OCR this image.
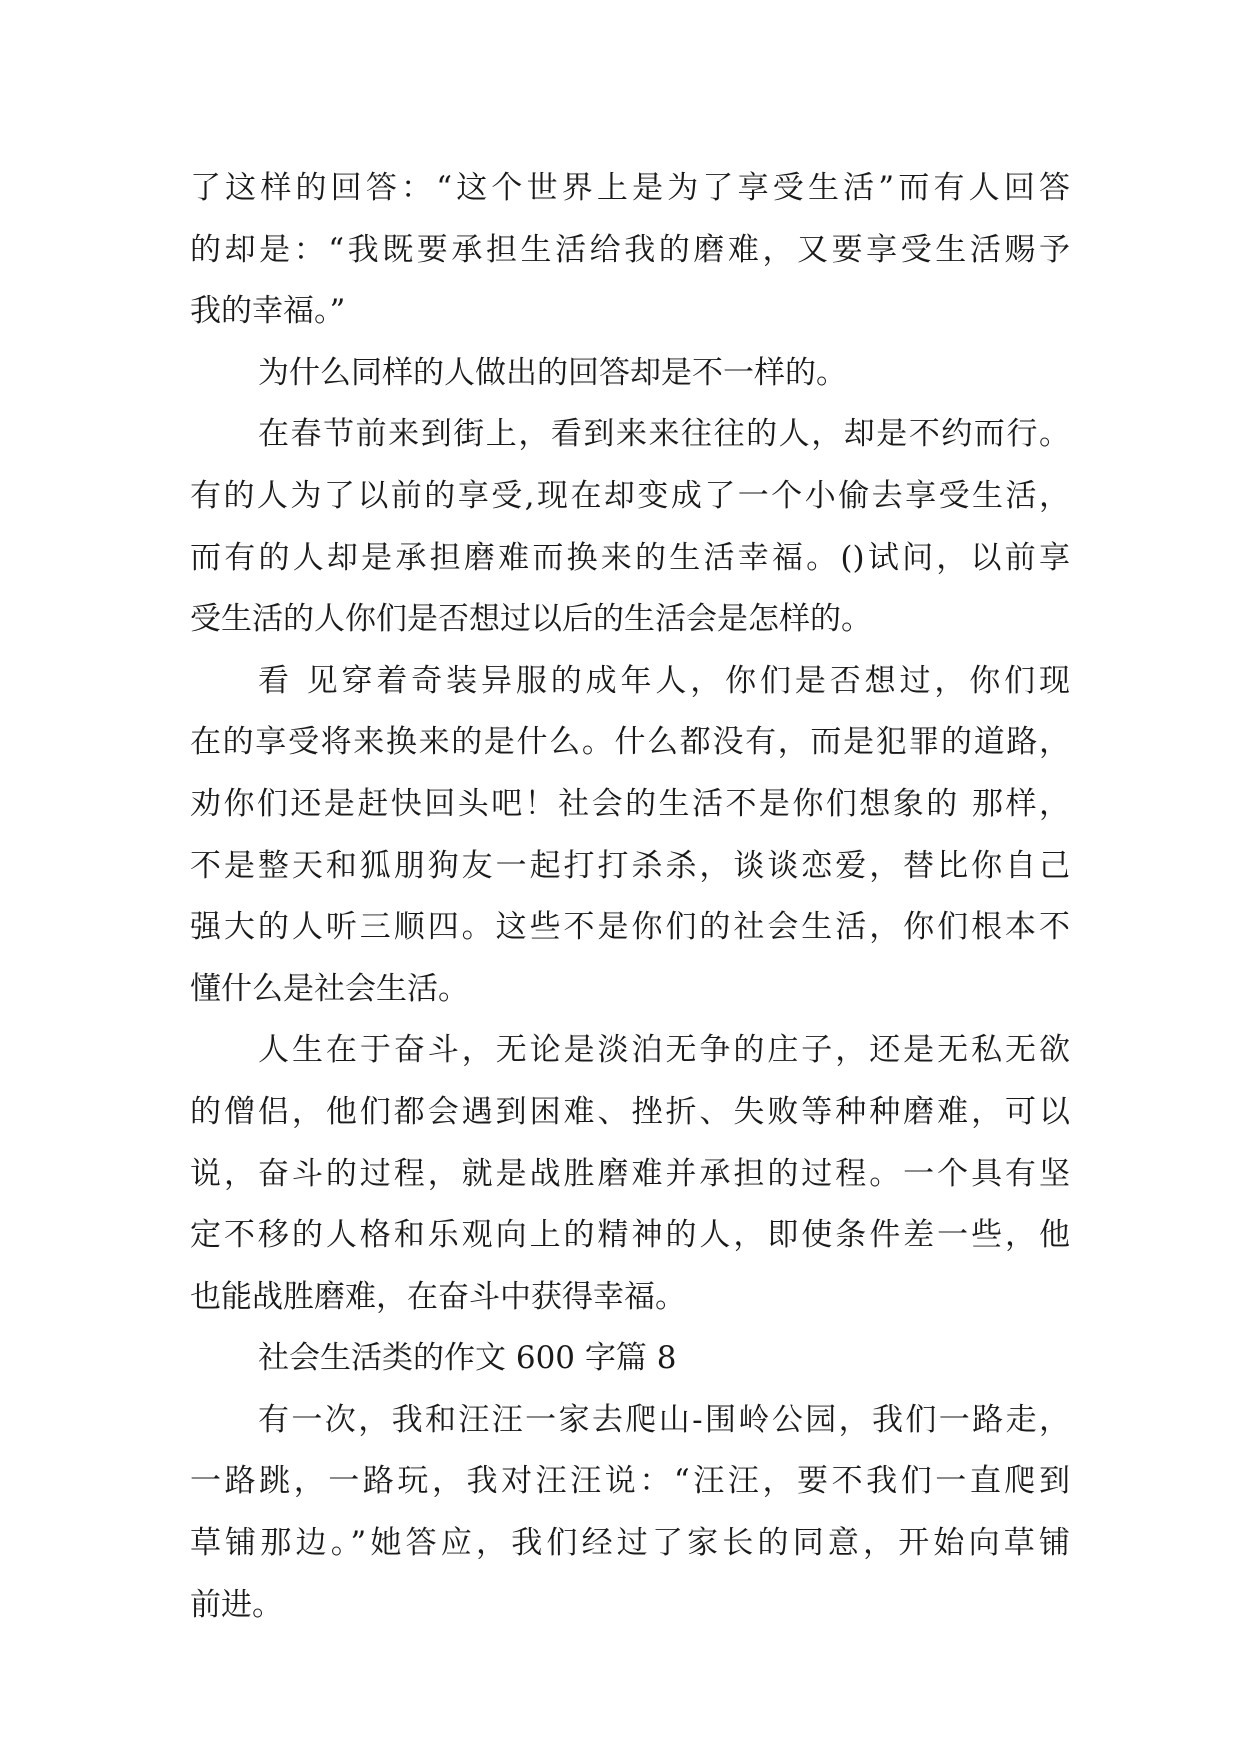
了这样的回答：“这个世界上是为了享受生活”而有人回答
的却是：“我既要承担生活给我的磨难，又要享受生活赐予
我的幸福。”
为什么同样的人做出的回答却是不一样的。
在春节前来到街上，看到来来往往的人，却是不约而行。
有的人为了以前的享受,现在却变成了一个小偷去享受生活，
而有的人却是承担磨难而换来的生活幸福。()试问，以前享
受生活的人你们是否想过以后的生活会是怎样的。
看 见穿着奇装异服的成年人，你们是否想过，你们现
在的享受将来换来的是什么。什么都没有，而是犯罪的道路，
劝你们还是赶快回头吧！社会的生活不是你们想象的 那样，
不是整天和狐朋狗友一起打打杀杀，谈谈恋爱，替比你自己
强大的人听三顺四。这些不是你们的社会生活，你们根本不
懂什么是社会生活。
人生在于奋斗，无论是淡泊无争的庄子，还是无私无欲
的僧侣，他们都会遇到困难、挫折、失败等种种磨难，可以
说，奋斗的过程，就是战胜磨难并承担的过程。一个具有坚
定不移的人格和乐观向上的精神的人，即使条件差一些，他
也能战胜磨难，在奋斗中获得幸福。
社会生活类的作文 600 字篇 8
有一次，我和汪汪一家去爬山-围岭公园，我们一路走，
一路跳，一路玩，我对汪汪说：“汪汪，要不我们一直爬到
草铺那边。”她答应，我们经过了家长的同意，开始向草铺
前进。
